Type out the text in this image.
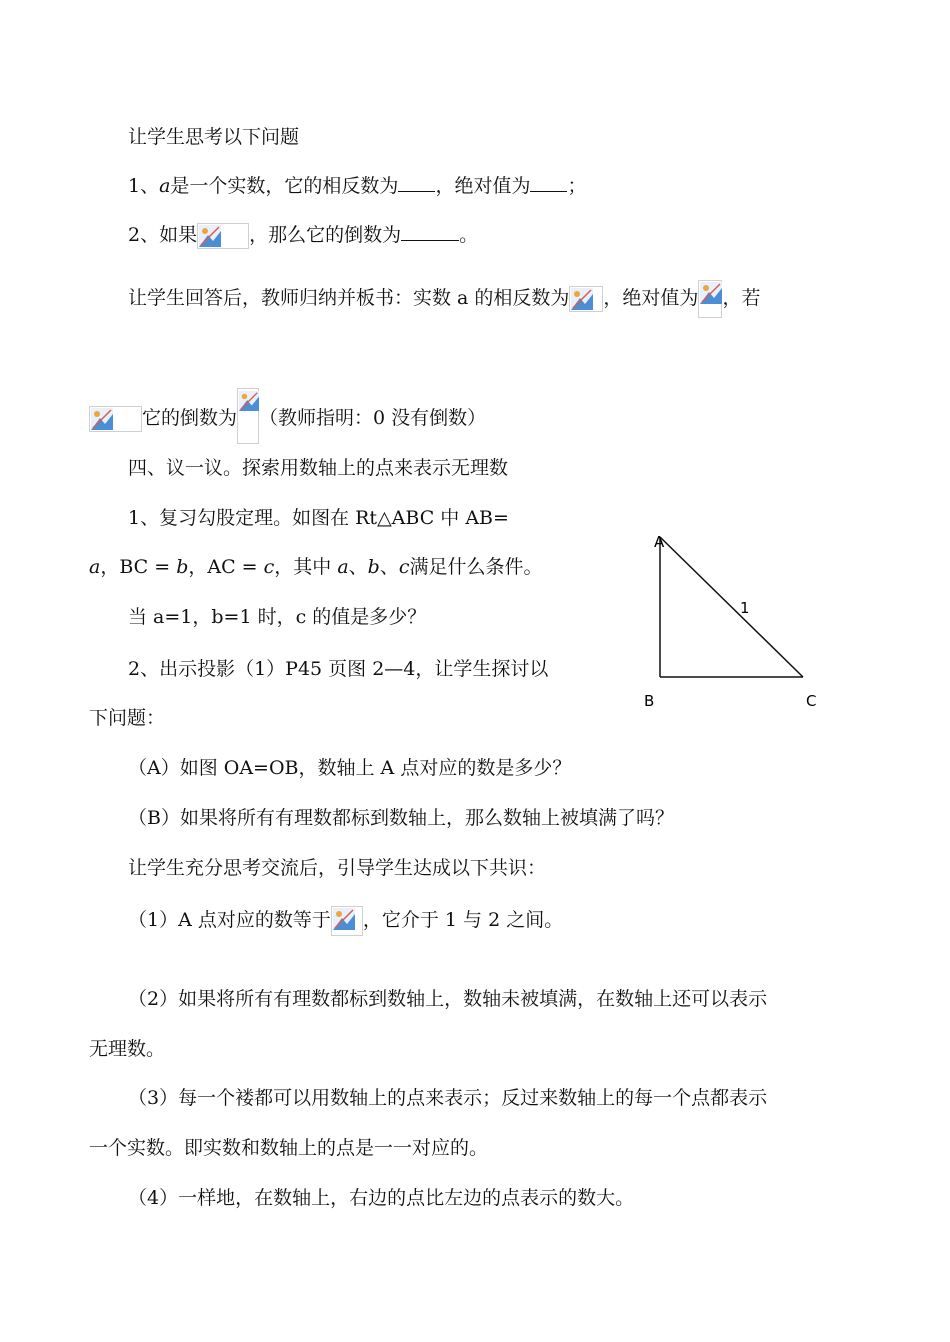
让学生思考以下问题
1、a是一个实数，它的相反数为 ，绝对值为 ；
2、如果	，那么它的倒数为	。
让学生回答后，教师归纳并板书：实数 a 的相反数为 ，绝对值为 ，若
它的倒数为 （教师指明：0 没有倒数）
四、议一议。探索用数轴上的点来表示无理数
1、复习勾股定理。如图在 Rt△ABC 中 AB=
a，BC = b，AC = c，其中 a、b、c满足什么条件。
当 a=1，b=1 时，c 的值是多少？
2、出示投影（1）P45 页图 2—4，让学生探讨以
下问题：
A
B	C
1
（A）如图 OA=OB，数轴上 A 点对应的数是多少？
（B）如果将所有有理数都标到数轴上，那么数轴上被填满了吗？
让学生充分思考交流后，引导学生达成以下共识：
（1）A 点对应的数等于 ，它介于 1 与 2 之间。
（2）如果将所有有理数都标到数轴上，数轴未被填满，在数轴上还可以表示
无理数。
（3）每一个褛都可以用数轴上的点来表示；反过来数轴上的每一个点都表示
一个实数。即实数和数轴上的点是一一对应的。
（4）一样地，在数轴上，右边的点比左边的点表示的数大。
